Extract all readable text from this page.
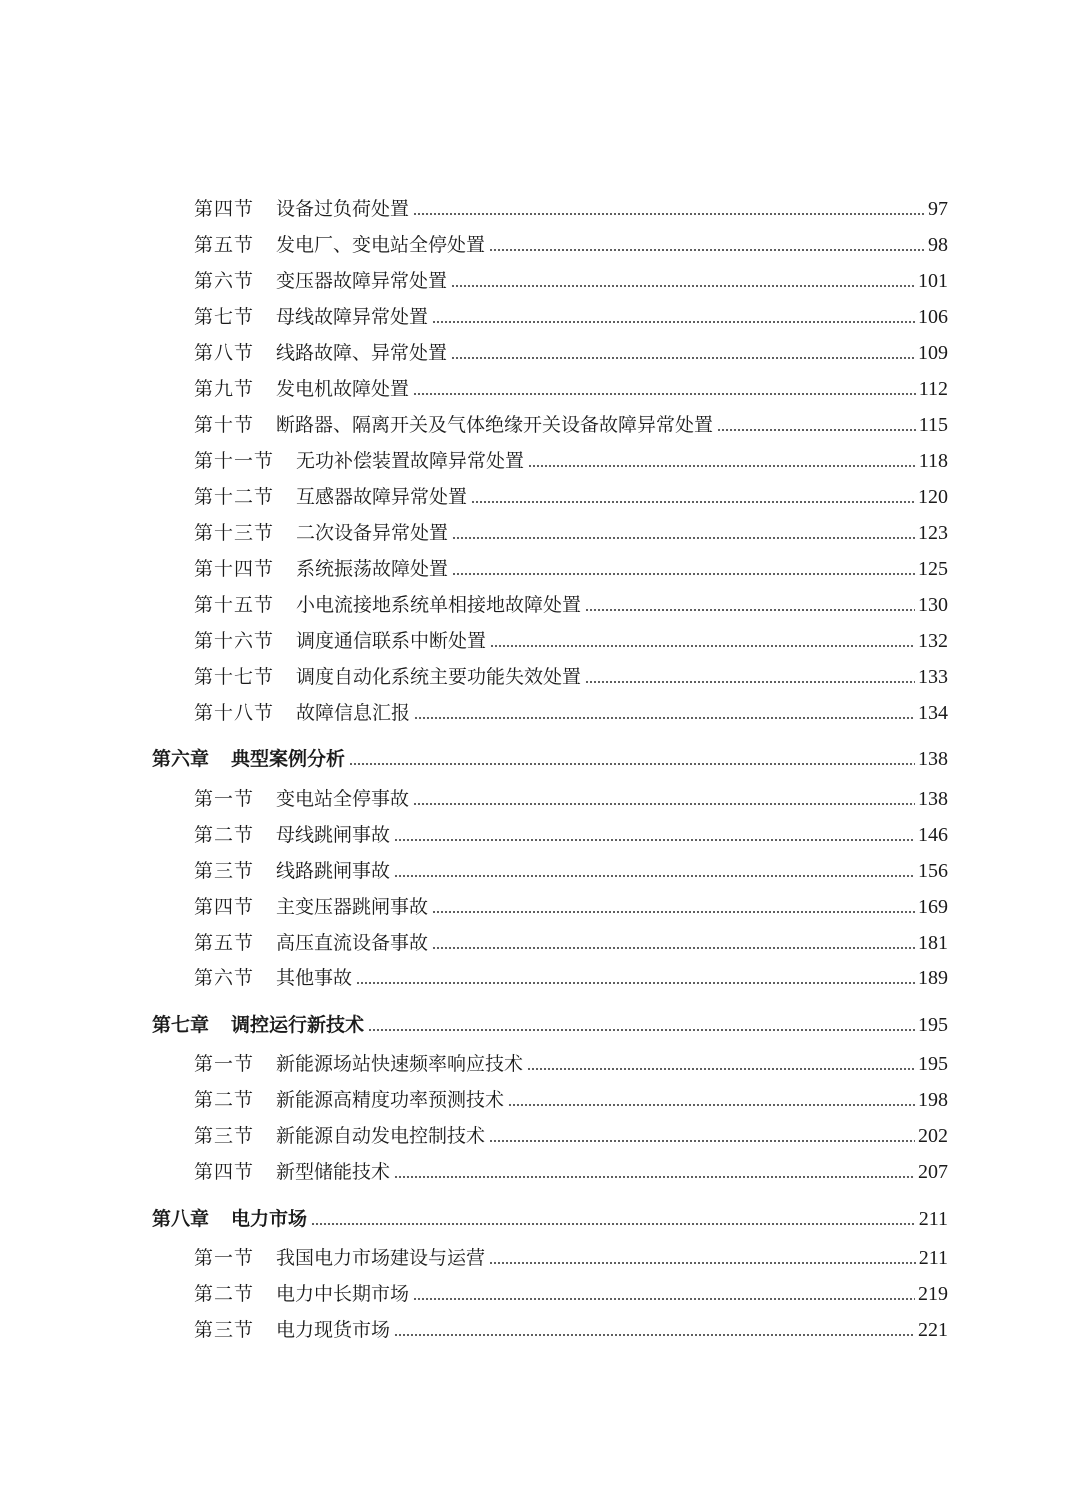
第四节 设备过负荷处置	97
第五节 发电厂、变电站全停处置	98
第六节 变压器故障异常处置	101
第七节 母线故障异常处置	106
第八节 线路故障、异常处置	109
第九节 发电机故障处置	112
第十节 断路器、隔离开关及气体绝缘开关设备故障异常处置	115
第十一节 无功补偿装置故障异常处置	118
第十二节 互感器故障异常处置	120
第十三节 二次设备异常处置	123
第十四节 系统振荡故障处置	125
第十五节 小电流接地系统单相接地故障处置	130
第十六节 调度通信联系中断处置	132
第十七节 调度自动化系统主要功能失效处置	133
第十八节 故障信息汇报	134
第六章 典型案例分析	138
第一节 变电站全停事故	138
第二节 母线跳闸事故	146
第三节 线路跳闸事故	156
第四节 主变压器跳闸事故	169
第五节 高压直流设备事故	181
第六节 其他事故	189
第七章 调控运行新技术	195
第一节 新能源场站快速频率响应技术	195
第二节 新能源高精度功率预测技术	198
第三节 新能源自动发电控制技术	202
第四节 新型储能技术	207
第八章 电力市场	211
第一节 我国电力市场建设与运营	211
第二节 电力中长期市场	219
第三节 电力现货市场	221
